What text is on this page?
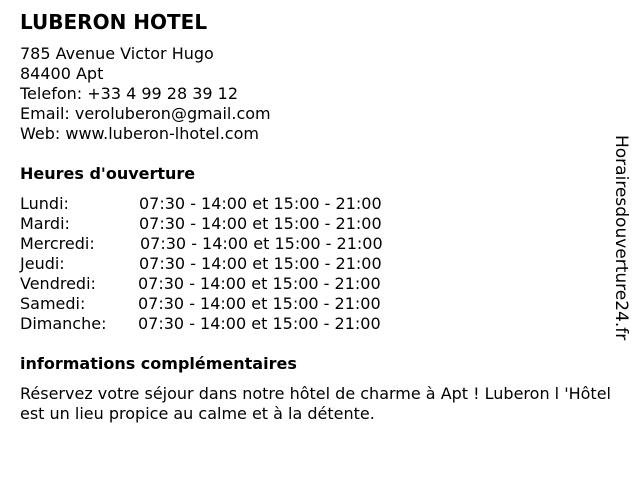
LUBERON HOTEL
785 Avenue Victor Hugo
84400 Apt
Telefon: +33 4 99 28 39 12
Email: veroluberon@gmail.com
Web: www.luberon-lhotel.com
Heures d'ouverture
Lundi:	07:30 - 14:00 et 15:00 - 21:00
Mardi:	07:30 - 14:00 et 15:00 - 21:00
Mercredi:	07:30 - 14:00 et 15:00 - 21:00
Jeudi:	07:30 - 14:00 et 15:00 - 21:00
Vendredi:	07:30 - 14:00 et 15:00 - 21:00
Samedi:	07:30 - 14:00 et 15:00 - 21:00
Dimanche: 07:30 - 14:00 et 15:00 - 21:00
informations complémentaires
Réservez votre séjour dans notre hôtel de charme à Apt ! Luberon l 'Hôtel est un lieu propice au calme et à la détente.
Horairesdouverture24.fr
